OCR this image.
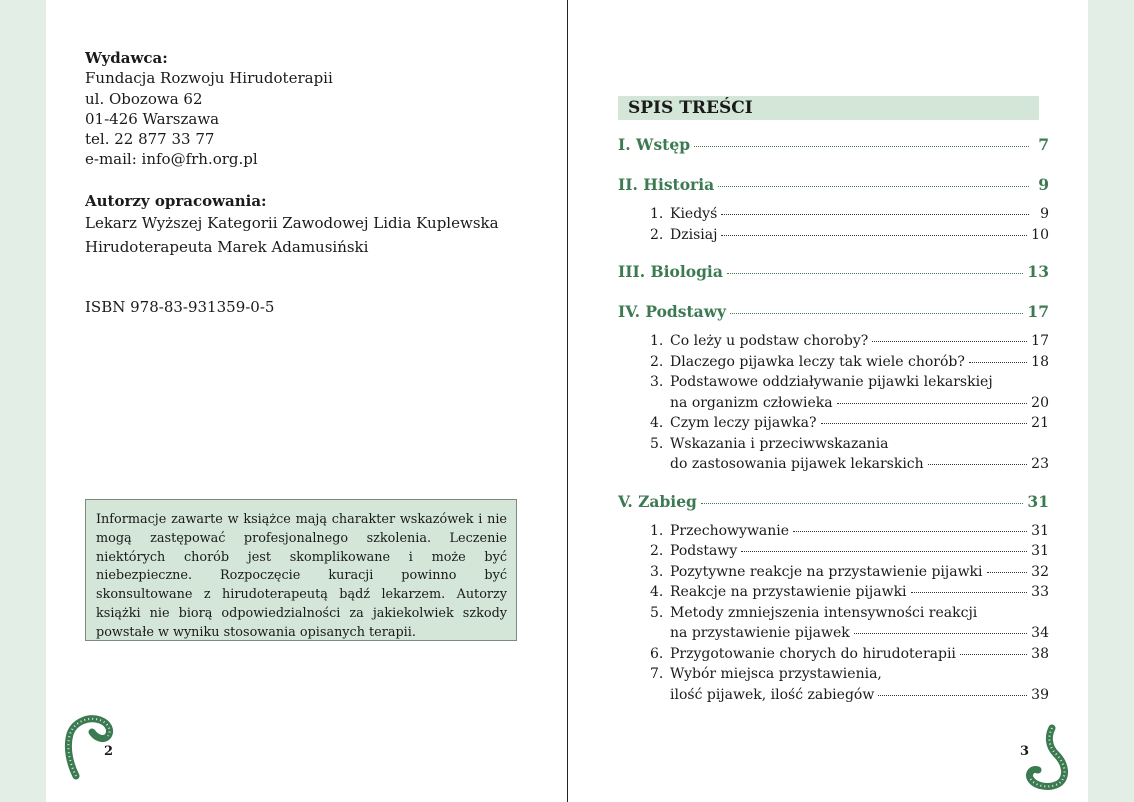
Wydawca:
Fundacja Rozwoju Hirudoterapii
ul. Obozowa 62
01-426 Warszawa
tel. 22 877 33 77
e-mail: info@frh.org.pl
Autorzy opracowania:
Lekarz Wyższej Kategorii Zawodowej Lidia Kuplewska
Hirudoterapeuta Marek Adamusiński
ISBN 978-83-931359-0-5
Informacje zawarte w książce mają charakter wskazówek i nie mogą zastępować profesjonalnego szkolenia. Leczenie niektórych chorób jest skomplikowane i może być niebezpieczne. Rozpoczęcie kuracji powinno być skonsultowane z hirudoterapeutą bądź lekarzem. Autorzy książki nie biorą odpowiedzialności za jakiekolwiek szkody powstałe w wyniku stosowania opisanych terapii.
2
SPIS TREŚCI
I. Wstęp	7
II. Historia	9
1. Kiedyś	9
2. Dzisiaj	10
III. Biologia	13
IV. Podstawy	17
1. Co leży u podstaw choroby?	17
2. Dlaczego pijawka leczy tak wiele chorób?	18
3. Podstawowe oddziaływanie pijawki lekarskiej
na organizm człowieka	20
4. Czym leczy pijawka?	21
5. Wskazania i przeciwwskazania
do zastosowania pijawek lekarskich	23
V. Zabieg	31
1. Przechowywanie	31
2. Podstawy	31
3. Pozytywne reakcje na przystawienie pijawki	32
4. Reakcje na przystawienie pijawki	33
5. Metody zmniejszenia intensywności reakcji
na przystawienie pijawek	34
6. Przygotowanie chorych do hirudoterapii	38
7. Wybór miejsca przystawienia,
ilość pijawek, ilość zabiegów	39
3
